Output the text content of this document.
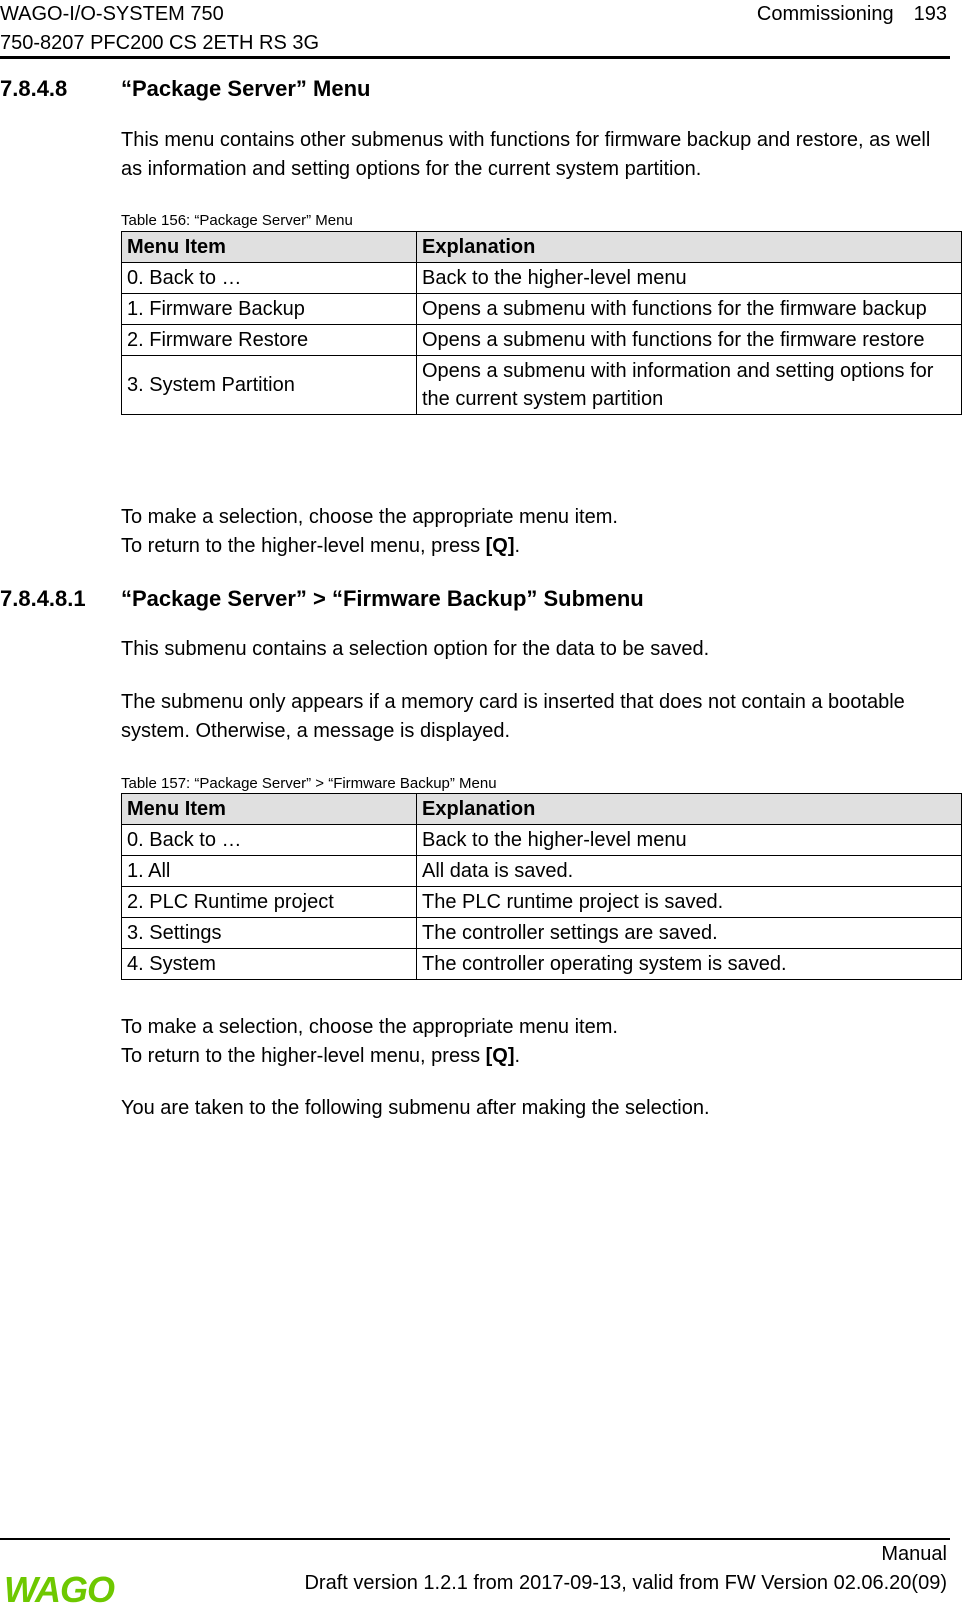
WAGO-I/O-SYSTEM 750
750-8207 PFC200 CS 2ETH RS 3G
Commissioning 193
7.8.4.8 “Package Server” Menu
This menu contains other submenus with functions for firmware backup and restore, as well as information and setting options for the current system partition.
Table 156: “Package Server” Menu
Menu Item	Explanation
0. Back to …	Back to the higher-level menu
1. Firmware Backup	Opens a submenu with functions for the firmware backup
2. Firmware Restore	Opens a submenu with functions for the firmware restore
3. System Partition	Opens a submenu with information and setting options for the current system partition
To make a selection, choose the appropriate menu item.
To return to the higher-level menu, press [Q].
7.8.4.8.1 “Package Server” > “Firmware Backup” Submenu
This submenu contains a selection option for the data to be saved.
The submenu only appears if a memory card is inserted that does not contain a bootable system. Otherwise, a message is displayed.
Table 157: “Package Server” > “Firmware Backup” Menu
Menu Item	Explanation
0. Back to …	Back to the higher-level menu
1. All	All data is saved.
2. PLC Runtime project	The PLC runtime project is saved.
3. Settings	The controller settings are saved.
4. System	The controller operating system is saved.
To make a selection, choose the appropriate menu item.
To return to the higher-level menu, press [Q].
You are taken to the following submenu after making the selection.
Manual
Draft version 1.2.1 from 2017-09-13, valid from FW Version 02.06.20(09)
WAGO
